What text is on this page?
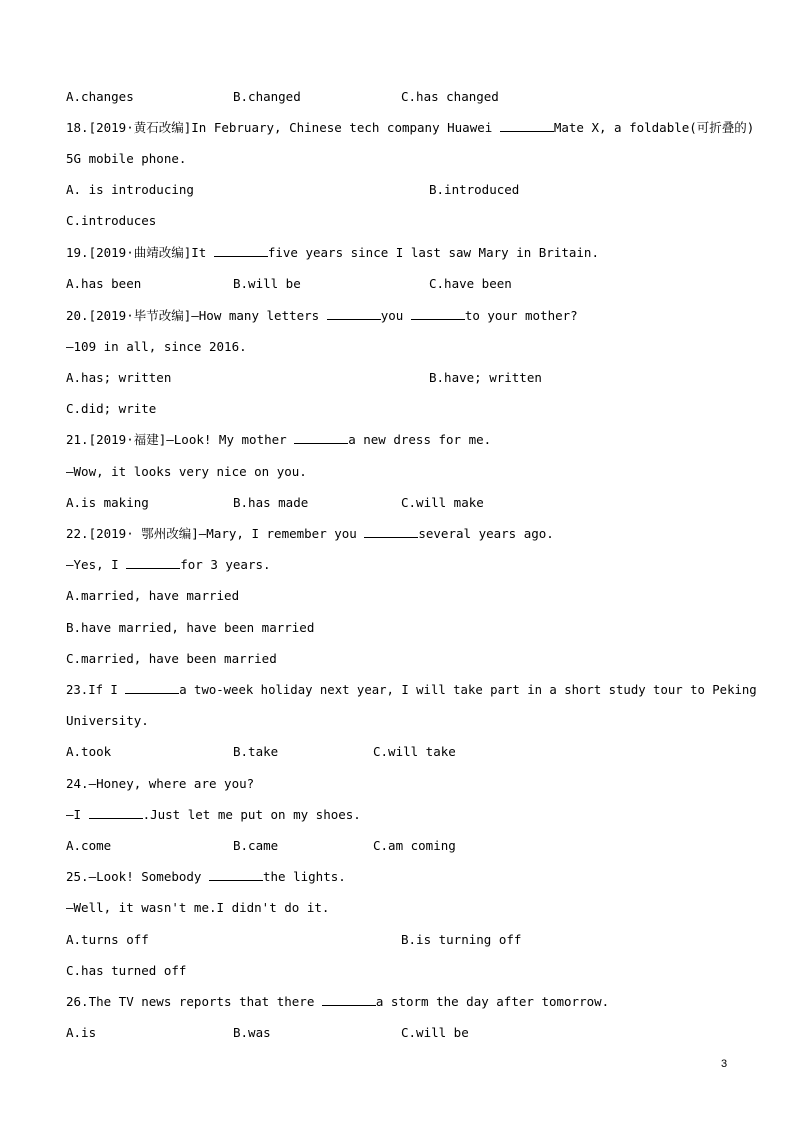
A.changes	B.changed	C.has changed
18.[2019·黄石改编]In February, Chinese tech company Huawei	Mate X, a foldable(可折叠的)
5G mobile phone.
A. is introducing	B.introduced
C.introduces
19.[2019·曲靖改编]It	five years since I last saw Mary in Britain.
A.has been	B.will be	C.have been
20.[2019·毕节改编]—How many letters	you	to your mother?
—109 in all, since 2016.
A.has; written	B.have; written
C.did; write
21.[2019·福建]—Look! My mother	a new dress for me.
—Wow, it looks very nice on you.
A.is making	B.has made	C.will make
22.[2019· 鄂州改编]—Mary, I remember you	several years ago.
—Yes, I	for 3 years.
A.married, have married
B.have married, have been married
C.married, have been married
23.If I	a two-week holiday next year, I will take part in a short study tour to Peking
University.
A.took	B.take	C.will take
24.—Honey, where are you?
—I	.Just let me put on my shoes.
A.come	B.came	C.am coming
25.—Look! Somebody	the lights.
—Well, it wasn't me.I didn't do it.
A.turns off	B.is turning off
C.has turned off
26.The TV news reports that there	a storm the day after tomorrow.
A.is	B.was	C.will be
3
